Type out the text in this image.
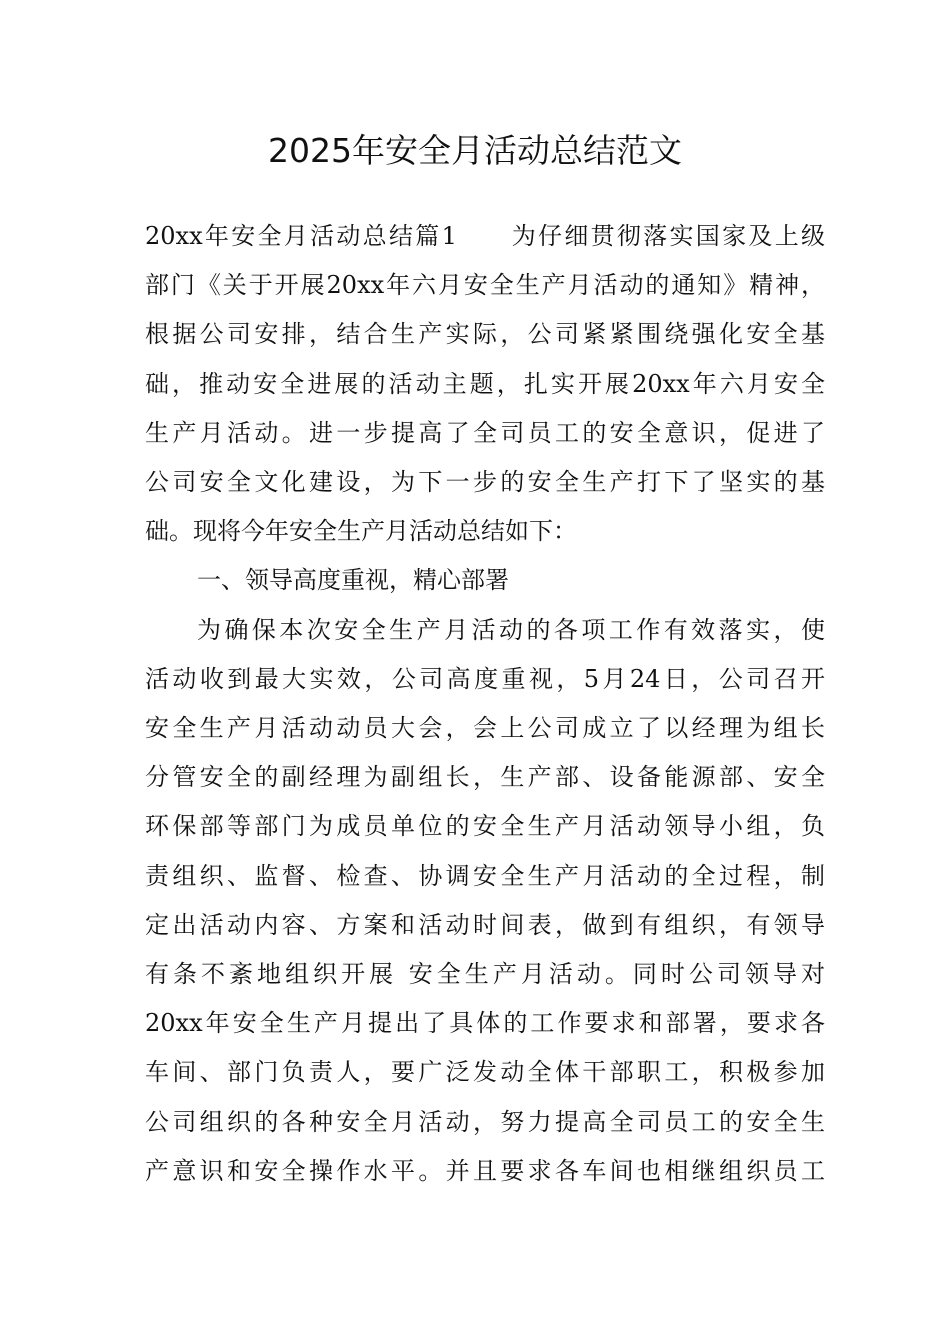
2025年安全月活动总结范文
20xx年安全月活动总结篇1　　为仔细贯彻落实国家及上级
部门《关于开展20xx年六月安全生产月活动的通知》精神，
根据公司安排，结合生产实际，公司紧紧围绕强化安全基
础，推动安全进展的活动主题，扎实开展20xx年六月安全
生产月活动。进一步提高了全司员工的安全意识，促进了
公司安全文化建设，为下一步的安全生产打下了坚实的基
础。现将今年安全生产月活动总结如下：
一、领导高度重视，精心部署
为确保本次安全生产月活动的各项工作有效落实，使
活动收到最大实效，公司高度重视，5月24日，公司召开
安全生产月活动动员大会，会上公司成立了以经理为组长
分管安全的副经理为副组长，生产部、设备能源部、安全
环保部等部门为成员单位的安全生产月活动领导小组，负
责组织、监督、检查、协调安全生产月活动的全过程，制
定出活动内容、方案和活动时间表，做到有组织，有领导
有条不紊地组织开展 安全生产月活动。同时公司领导对
20xx年安全生产月提出了具体的工作要求和部署，要求各
车间、部门负责人，要广泛发动全体干部职工，积极参加
公司组织的各种安全月活动，努力提高全司员工的安全生
产意识和安全操作水平。并且要求各车间也相继组织员工
